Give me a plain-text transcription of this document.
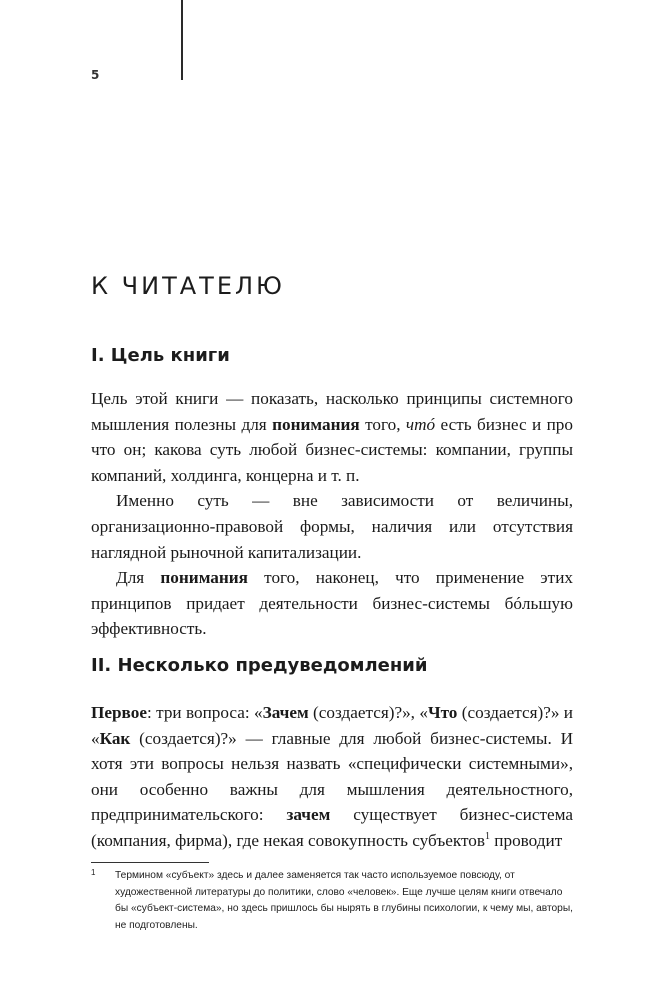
5
К ЧИТАТЕЛЮ
I. Цель книги

Цель этой книги — показать, насколько принципы системного мышления полезны для понимания того, чтó есть бизнес и про что он; какова суть любой бизнес-системы: компании, группы компаний, холдинга, концерна и т. п.

Именно суть — вне зависимости от величины, организационно-правовой формы, наличия или отсутствия наглядной рыночной капитализации.

Для понимания того, наконец, что применение этих принципов придает деятельности бизнес-системы бóльшую эффективность.

II. Несколько предуведомлений

Первое: три вопроса: «Зачем (создается)?», «Что (создается)?» и «Как (создается)?» — главные для любой бизнес-системы. И хотя эти вопросы нельзя назвать «специфически системными», они особенно важны для мышления деятельностного, предпринимательского: зачем существует бизнес-система (компания, фирма), где некая совокупность субъектов$^1$ проводит

1 Термином «субъект» здесь и далее заменяется так часто используемое повсюду, от художественной литературы до политики, слово «человек». Еще лучше целям книги отвечало бы «субъект-система», но здесь пришлось бы нырять в глубины психологии, к чему мы, авторы, не подготовлены.
